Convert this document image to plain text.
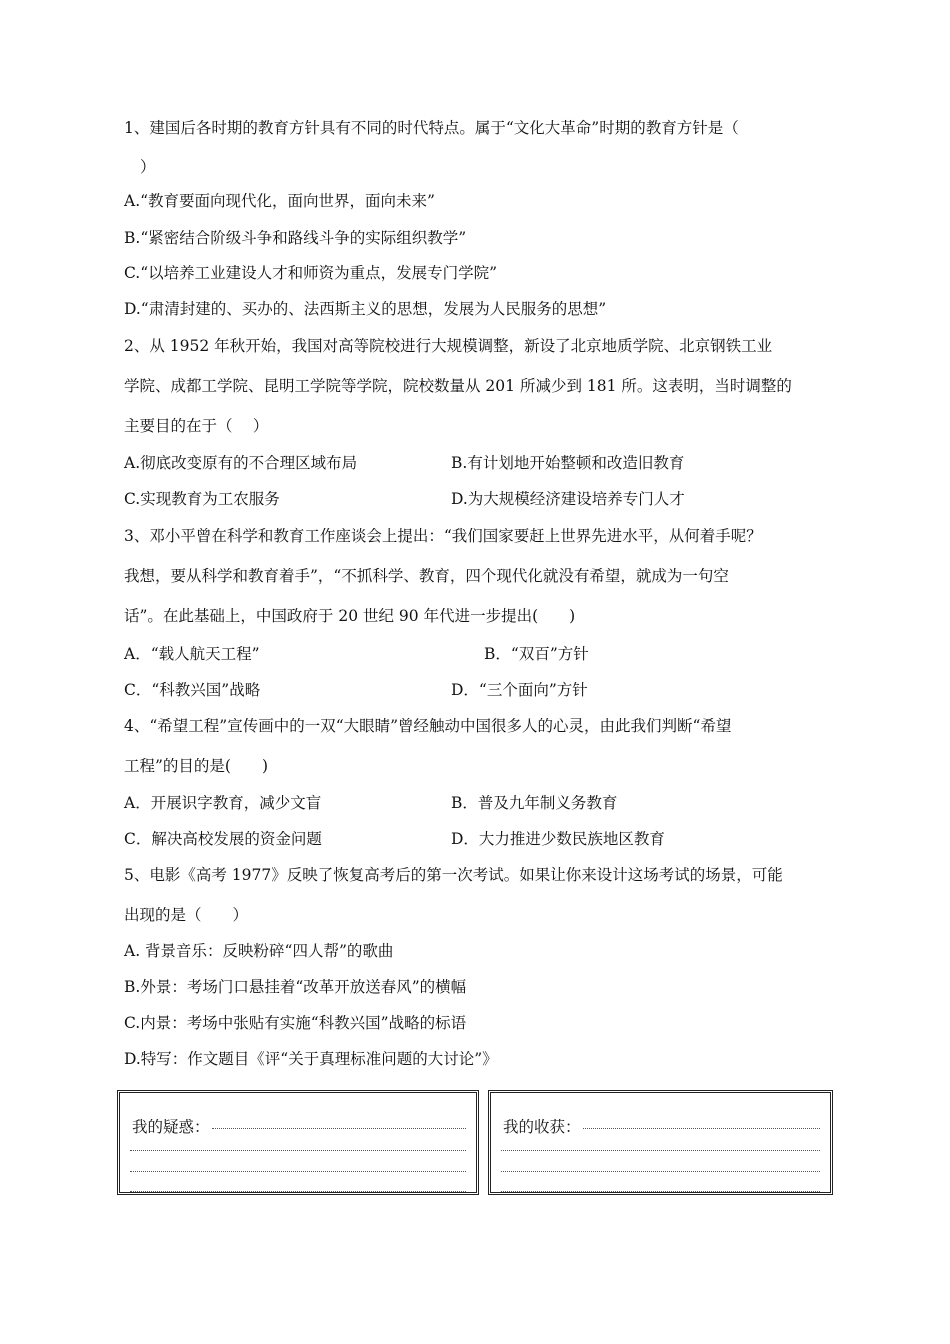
1、建国后各时期的教育方针具有不同的时代特点。属于“文化大革命”时期的教育方针是（
）
A.“教育要面向现代化，面向世界，面向未来”
B.“紧密结合阶级斗争和路线斗争的实际组织教学”
C.“以培养工业建设人才和师资为重点，发展专门学院”
D.“肃清封建的、买办的、法西斯主义的思想，发展为人民服务的思想”
2、从 1952 年秋开始，我国对高等院校进行大规模调整，新设了北京地质学院、北京钢铁工业
学院、成都工学院、昆明工学院等学院，院校数量从 201 所减少到 181 所。这表明，当时调整的
主要目的在于（　 ）
A.彻底改变原有的不合理区域布局	B.有计划地开始整顿和改造旧教育
C.实现教育为工农服务	D.为大规模经济建设培养专门人才
3、邓小平曾在科学和教育工作座谈会上提出：“我们国家要赶上世界先进水平，从何着手呢？
我想，要从科学和教育着手”，“不抓科学、教育，四个现代化就没有希望，就成为一句空
话”。在此基础上，中国政府于 20 世纪 90 年代进一步提出(　　)
A．“载人航天工程”	B．“双百”方针
C．“科教兴国”战略	D．“三个面向”方针
4、“希望工程”宣传画中的一双“大眼睛”曾经触动中国很多人的心灵，由此我们判断“希望
工程”的目的是(　　)
A．开展识字教育，减少文盲	B．普及九年制义务教育
C．解决高校发展的资金问题	D．大力推进少数民族地区教育
5、电影《高考 1977》反映了恢复高考后的第一次考试。如果让你来设计这场考试的场景，可能
出现的是（　　）
A. 背景音乐：反映粉碎“四人帮”的歌曲
B.外景：考场门口悬挂着“改革开放送春风”的横幅
C.内景：考场中张贴有实施“科教兴国”战略的标语
D.特写：作文题目《评“关于真理标准问题的大讨论”》
我的疑惑：	我的收获：
